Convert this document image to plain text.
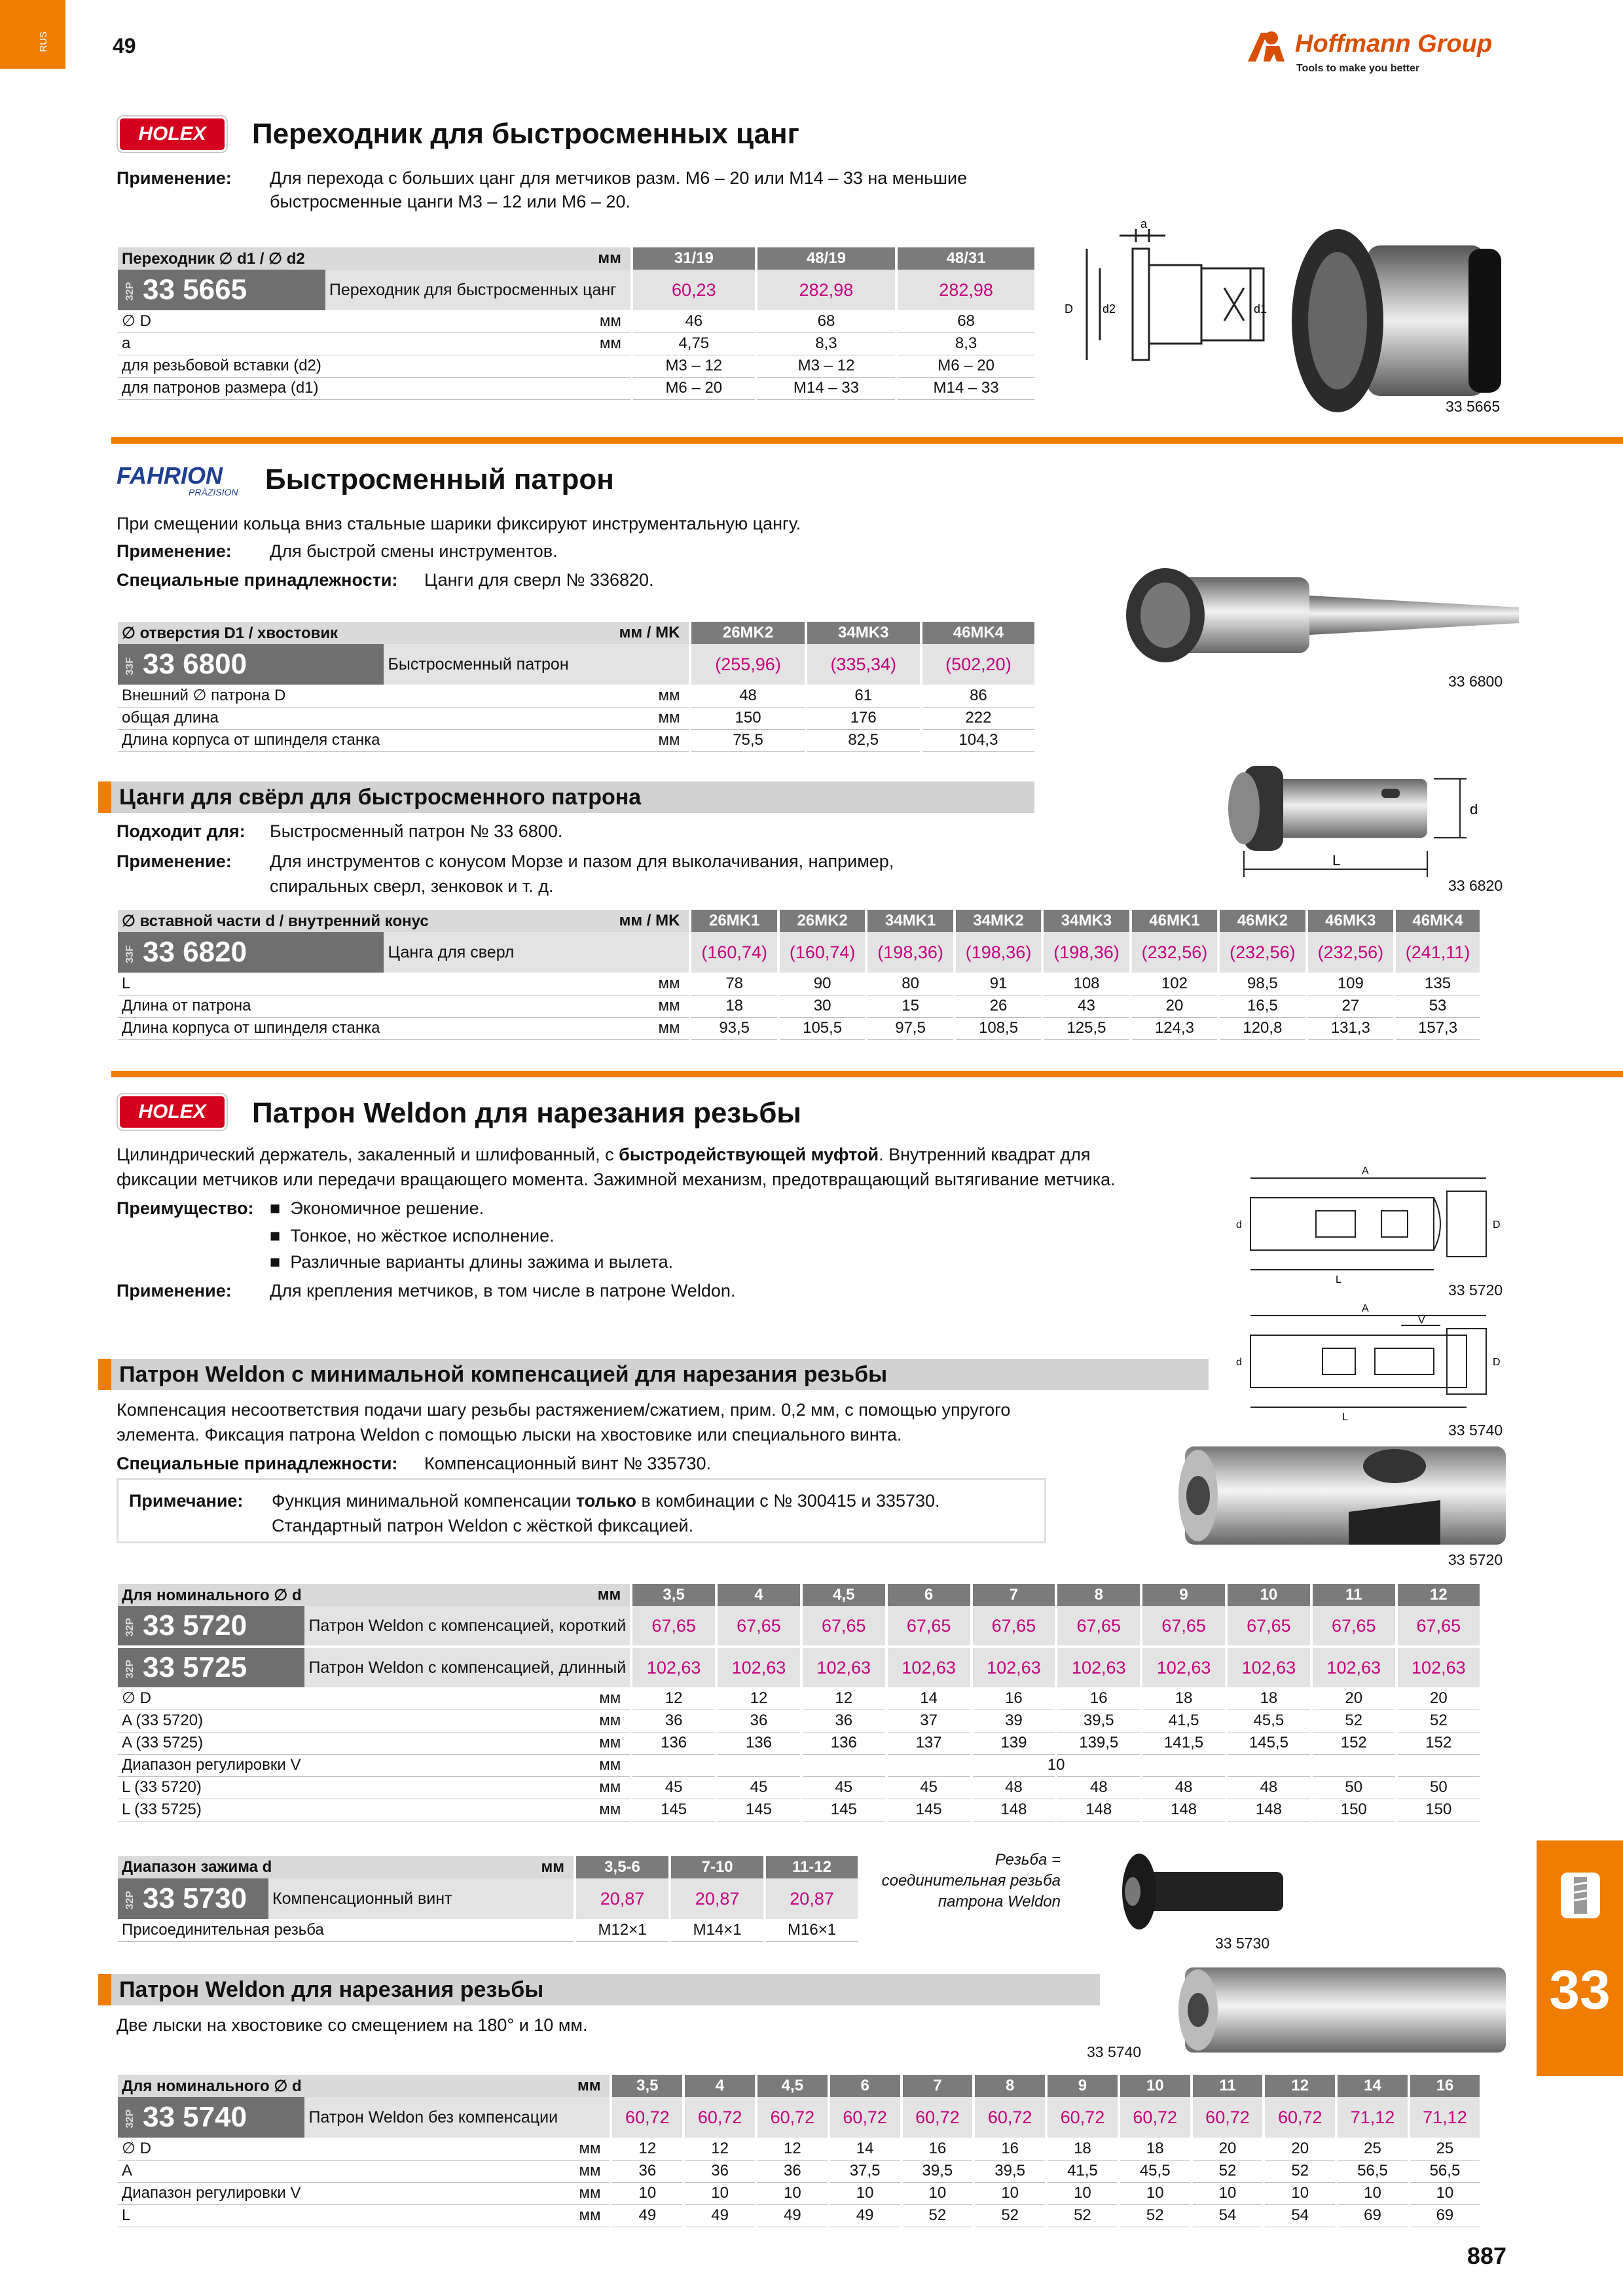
RUS	49	Hoffmann Group
Tools to make you better
HOLEX	Переходник для быстросменных цанг
Применение: Для перехода с больших цанг для метчиков разм. М6 – 20 или М14 – 33 на меньшие
быстросменные цанги М3 – 12 или М6 – 20.
Переходник ∅ d1 / ∅ d2 мм		31/19	48/19	48/31
32P 33 5665	Переходник для быстросменных цанг	60,23	282,98	282,98
∅ D	мм	46	68	68
a	мм	4,75	8,3	8,3
для резьбовой вставки (d2)		M3 – 12	M3 – 12	M6 – 20
для патронов размера (d1)		M6 – 20	M14 – 33	M14 – 33
a
D	d2	d1
33 5665
FAHRION
PRÄZISION Быстросменный патрон
При смещении кольца вниз стальные шарики фиксируют инструментальную цангу.
Применение: Для быстрой смены инструментов.
Специальные принадлежности: Цанги для сверл № 336820.
∅ отверстия D1 / хвостовик мм / MK		26MK2	34MK3	46MK4
33F 33 6800	Быстросменный патрон	(255,96)	(335,34)	(502,20)
Внешний ∅ патрона D	мм	48	61	86
общая длина	мм	150	176	222
Длина корпуса от шпинделя станка	мм	75,5	82,5	104,3
33 6800
Цанги для свёрл для быстросменного патрона
Подходит для: Быстросменный патрон № 33 6800.
Применение: Для инструментов с конусом Морзе и пазом для выколачивания, например,
спиральных сверл, зенковок и т. д.
∅ вставной части d / внутренний конус мм / MK		26MK1	26MK2	34MK1	34MK2	34MK3	46MK1	46MK2	46MK3	46MK4
33F 33 6820	Цанга для сверл	(160,74)	(160,74)	(198,36)	(198,36)	(198,36)	(232,56)	(232,56)	(232,56)	(241,11)
L	мм	78	90	80	91	108	102	98,5	109	135
Длина от патрона	мм	18	30	15	26	43	20	16,5	27	53
Длина корпуса от шпинделя станка	мм	93,5	105,5	97,5	108,5	125,5	124,3	120,8	131,3	157,3
d
L
33 6820
HOLEX	Патрон Weldon для нарезания резьбы
Цилиндрический держатель, закаленный и шлифованный, с быстродействующей муфтой. Внутренний квадрат для
фиксации метчиков или передачи вращающего момента. Зажимной механизм, предотвращающий вытягивание метчика.
Преимущество: ■  Экономичное решение.
■  Тонкое, но жёсткое исполнение.
■  Различные варианты длины зажима и вылета.
Применение: Для крепления метчиков, в том числе в патроне Weldon.
A
L
D
d
33 5720
A
V
L
D
d
33 5740
Патрон Weldon с минимальной компенсацией для нарезания резьбы
Компенсация несоответствия подачи шагу резьбы растяжением/сжатием, прим. 0,2 мм, с помощью упругого
элемента. Фиксация патрона Weldon с помощью лыски на хвостовике или специального винта.
Специальные принадлежности: Компенсационный винт № 335730.
Примечание: Функция минимальной компенсации только в комбинации с № 300415 и 335730.
Стандартный патрон Weldon с жёсткой фиксацией.
33 5720
Для номинального ∅ d мм		3,5	4	4,5	6	7	8	9	10	11	12
32P 33 5720	Патрон Weldon с компенсацией, короткий	67,65	67,65	67,65	67,65	67,65	67,65	67,65	67,65	67,65	67,65
32P 33 5725	Патрон Weldon с компенсацией, длинный	102,63	102,63	102,63	102,63	102,63	102,63	102,63	102,63	102,63	102,63
∅ D	мм	12	12	12	14	16	16	18	18	20	20
A (33 5720)	мм	36	36	36	37	39	39,5	41,5	45,5	52	52
A (33 5725)	мм	136	136	136	137	139	139,5	141,5	145,5	152	152
Диапазон регулировки V	мм	10									
L (33 5720)	мм	45	45	45	45	48	48	48	48	50	50
L (33 5725)	мм	145	145	145	145	148	148	148	148	150	150
Диапазон зажима d мм		3,5-6	7-10	11-12
32P 33 5730	Компенсационный винт	20,87	20,87	20,87
Присоединительная резьба		M12×1	M14×1	M16×1
Резьба =
соединительная резьба
патрона Weldon
33 5730
Патрон Weldon для нарезания резьбы
Две лыски на хвостовике со смещением на 180° и 10 мм.
33 5740
Для номинального ∅ d мм		3,5	4	4,5	6	7	8	9	10	11	12	14	16
32P 33 5740	Патрон Weldon без компенсации	60,72	60,72	60,72	60,72	60,72	60,72	60,72	60,72	60,72	60,72	71,12	71,12
∅ D	мм	12	12	12	14	16	16	18	18	20	20	25	25
A	мм	36	36	36	37,5	39,5	39,5	41,5	45,5	52	52	56,5	56,5
Диапазон регулировки V	мм	10	10	10	10	10	10	10	10	10	10	10	10
L	мм	49	49	49	49	52	52	52	52	54	54	69	69
33
887
